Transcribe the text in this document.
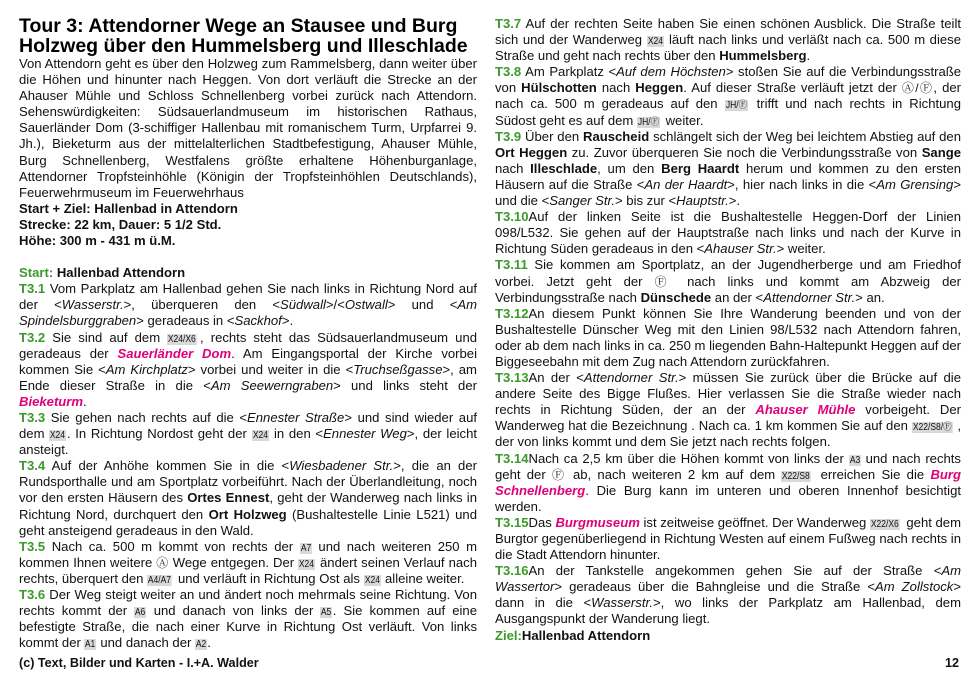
Tour 3: Attendorner Wege an Stausee und Burg Holzweg über den Hummelsberg und Illeschlade

Von Attendorn geht es über den Holzweg zum Rammelsberg, dann weiter über die Höhen und hinunter nach Heggen. Von dort verläuft die Strecke an der Ahauser Mühle und Schloss Schnellenberg vorbei zurück nach Attendorn. Sehenswürdigkeiten: Südsauerlandmuseum im historischen Rathaus, Sauerländer Dom (3-schiffiger Hallenbau mit romanischem Turm, Urpfarrei 9. Jh.), Bieketurm aus der mittelalterlichen Stadtbefestigung, Ahauser Mühle, Burg Schnellenberg, Westfalens größte erhaltene Höhenburganlage, Attendorner Tropfsteinhöhle (Königin der Tropfsteinhöhlen Deutschlands), Feuerwehrmuseum im Feuerwehrhaus

Start + Ziel: Hallenbad in Attendorn
Strecke: 22 km, Dauer: 5 1/2 Std.
Höhe: 300 m - 431 m ü.M.

Start: Hallenbad Attendorn

T3.1 Vom Parkplatz am Hallenbad gehen Sie nach links in Richtung Nord auf der <Wasserstr.>, überqueren den <Südwall>/<Ostwall> und <Am Spindelsburggraben> geradeaus in <Sackhof>.

T3.2 Sie sind auf dem X24/X6 , rechts steht das Südsauerlandmuseum und geradeaus der Sauerländer Dom. Am Eingangsportal der Kirche vorbei kommen Sie <Am Kirchplatz> vorbei und weiter in die <Truchseßgasse>, am Ende dieser Straße in die <Am Seewerngraben> und links steht der Bieketurm.

T3.3 Sie gehen nach rechts auf die <Ennester Straße> und sind wieder auf dem X24 . In Richtung Nordost geht der X24 in den <Ennester Weg>, der leicht ansteigt.

T3.4 Auf der Anhöhe kommen Sie in die <Wiesbadener Str.>, die an der Rundsporthalle und am Sportplatz vorbeiführt. Nach der Überlandleitung, noch vor den ersten Häusern des Ortes Ennest, geht der Wanderweg nach links in Richtung Nord, durchquert den Ort Holzweg (Bushaltestelle Linie L521) und geht ansteigend geradeaus in den Wald.

T3.5 Nach ca. 500 m kommt von rechts der A7 und nach weiteren 250 m kommen Ihnen weitere Ⓐ Wege entgegen. Der X24 ändert seinen Verlauf nach rechts, überquert den A4/A7 und verläuft in Richtung Ost als X24 alleine weiter.

T3.6 Der Weg steigt weiter an und ändert noch mehrmals seine Richtung. Von rechts kommt der A6 und danach von links der A5. Sie kommen auf eine befestigte Straße, die nach einer Kurve in Richtung Ost verläuft. Von links kommt der A1 und danach der A2.

T3.7 Auf der rechten Seite haben Sie einen schönen Ausblick. Die Straße teilt sich und der Wanderweg X24 läuft nach links und verläßt nach ca. 500 m diese Straße und geht nach rechts über den Hummelsberg.

T3.8 Am Parkplatz <Auf dem Höchsten> stoßen Sie auf die Verbindungsstraße von Hülschotten nach Heggen. Auf dieser Straße verläuft jetzt der Ⓐ/Ⓕ, der nach ca. 500 m geradeaus auf den JH/Ⓕ trifft und nach rechts in Richtung Südost geht es auf dem JH/Ⓕ weiter.

T3.9 Über den Rauscheid schlängelt sich der Weg bei leichtem Abstieg auf den Ort Heggen zu. Zuvor überqueren Sie noch die Verbindungsstraße von Sange nach Illeschlade, um den Berg Haardt herum und kommen zu den ersten Häusern auf die Straße <An der Haardt>, hier nach links in die <Am Grensing> und die <Sanger Str.> bis zur <Hauptstr.>.

T3.10Auf der linken Seite ist die Bushaltestelle Heggen-Dorf der Linien 098/L532. Sie gehen auf der Hauptstraße nach links und nach der Kurve in Richtung Süden geradeaus in den <Ahauser Str.> weiter.

T3.11 Sie kommen am Sportplatz, an der Jugendherberge und am Friedhof vorbei. Jetzt geht der Ⓕ nach links und kommt am Abzweig der Verbindungsstraße nach Dünschede an der <Attendorner Str.> an.

T3.12An diesem Punkt können Sie Ihre Wanderung beenden und von der Bushaltestelle Dünscher Weg mit den Linien 98/L532 nach Attendorn fahren, oder ab dem nach links in ca. 250 m liegenden Bahn-Haltepunkt Heggen auf der Biggeseebahn mit dem Zug nach Attendorn zurückfahren.

T3.13An der <Attendorner Str.> müssen Sie zurück über die Brücke auf die andere Seite des Bigge Flußes. Hier verlassen Sie die Straße wieder nach rechts in Richtung Süden, der an der Ahauser Mühle vorbeigeht. Der Wanderweg hat die Bezeichnung . Nach ca. 1 km kommen Sie auf den X22/S8/Ⓕ , der von links kommt und dem Sie jetzt nach rechts folgen.

T3.14Nach ca 2,5 km über die Höhen kommt von links der A3 und nach rechts geht der Ⓕ ab, nach weiteren 2 km auf dem X22/S8 erreichen Sie die Burg Schnellenberg. Die Burg kann im unteren und oberen Innenhof besichtigt werden.

T3.15Das Burgmuseum ist zeitweise geöffnet. Der Wanderweg X22/X6 geht dem Burgtor gegenüberliegend in Richtung Westen auf einem Fußweg nach rechts in die Stadt Attendorn hinunter.

T3.16An der Tankstelle angekommen gehen Sie auf der Straße <Am Wassertor> geradeaus über die Bahngleise und die Straße <Am Zollstock> dann in die <Wasserstr.>, wo links der Parkplatz am Hallenbad, dem Ausgangspunkt der Wanderung liegt.

Ziel:Hallenbad Attendorn

(c) Text, Bilder und Karten - I.+A. Walder	12
